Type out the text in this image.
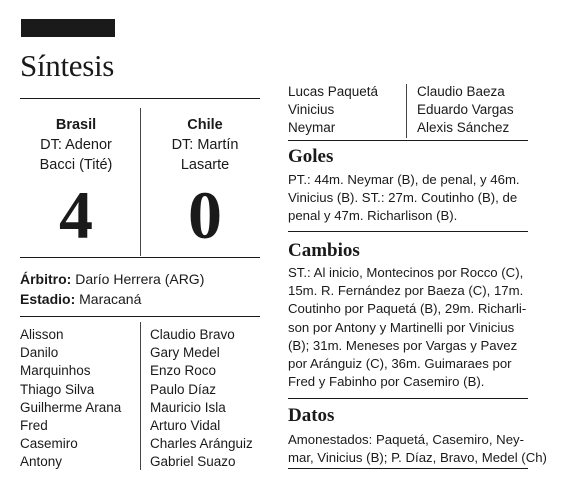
Síntesis
Brasil
DT: Adenor
Bacci (Tité)
4
Chile
DT: Martín
Lasarte
0
Árbitro: Darío Herrera (ARG)
Estadio: Maracaná
Alisson
Danilo
Marquinhos
Thiago Silva
Guilherme Arana
Fred
Casemiro
Antony
Claudio Bravo
Gary Medel
Enzo Roco
Paulo Díaz
Mauricio Isla
Arturo Vidal
Charles Aránguiz
Gabriel Suazo
Lucas Paquetá
Vinicius
Neymar
Claudio Baeza
Eduardo Vargas
Alexis Sánchez
Goles
PT.: 44m. Neymar (B), de penal, y 46m.
Vinicius (B). ST.: 27m. Coutinho (B), de
penal y 47m. Richarlison (B).
Cambios
ST.: Al inicio, Montecinos por Rocco (C),
15m. R. Fernández por Baeza (C), 17m.
Coutinho por Paquetá (B), 29m. Richarli-
son por Antony y Martinelli por Vinicius
(B); 31m. Meneses por Vargas y Pavez
por Aránguiz (C), 36m. Guimaraes por
Fred y Fabinho por Casemiro (B).
Datos
Amonestados: Paquetá, Casemiro, Ney-
mar, Vinicius (B); P. Díaz, Bravo, Medel (Ch)
